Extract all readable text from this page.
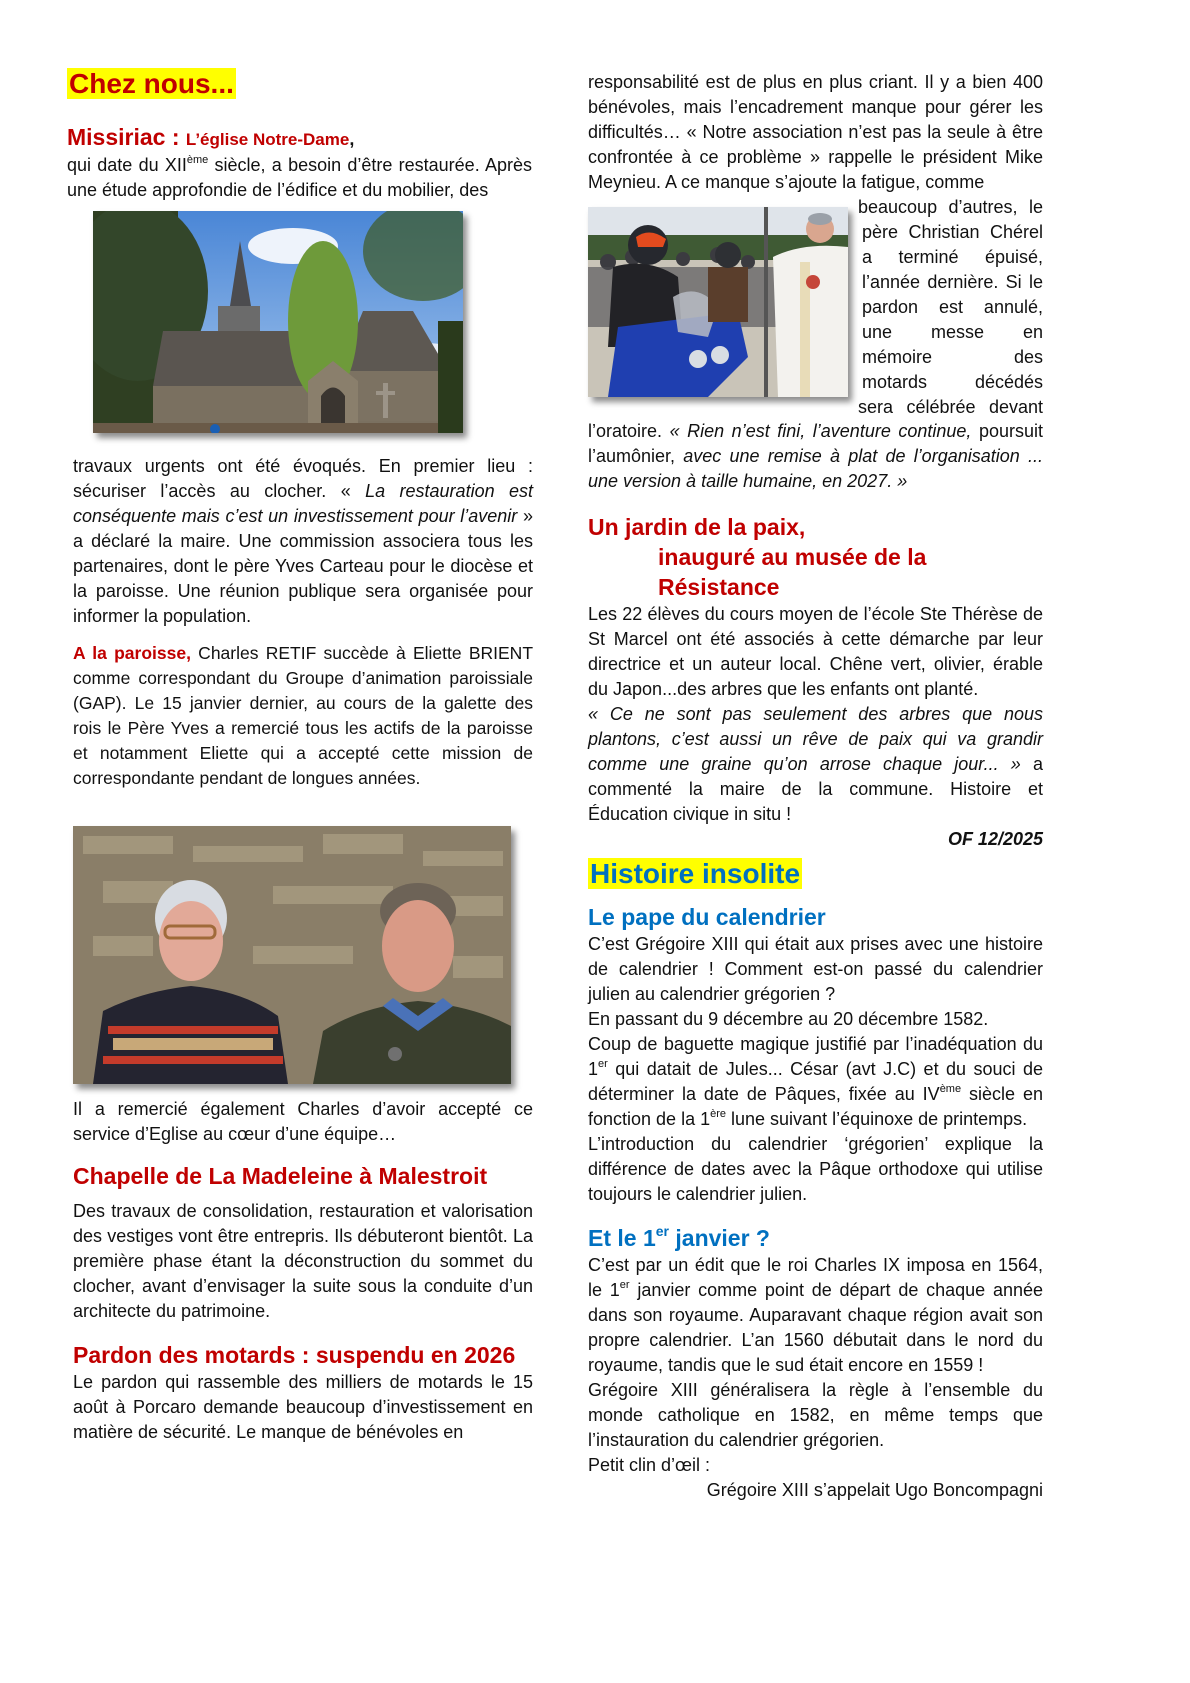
Chez nous...

Missiriac : L’église Notre-Dame,

qui date du XIIème siècle, a besoin d’être restaurée. Après une étude approfondie de l’édifice et du mobilier, des

travaux urgents ont été évoqués. En premier lieu : sécuriser l’accès au clocher. « La restauration est conséquente mais c’est un investissement pour l’avenir » a déclaré la maire. Une commission associera tous les partenaires, dont le père Yves Carteau pour le diocèse et la paroisse. Une réunion publique sera organisée pour informer la population.

A la paroisse, Charles RETIF succède à Eliette BRIENT comme correspondant du Groupe d’animation paroissiale (GAP). Le 15 janvier dernier, au cours de la galette des rois le Père Yves a remercié tous les actifs de la paroisse et notamment Eliette qui a accepté cette mission de correspondante pendant de longues années.

Il a remercié également Charles d’avoir accepté ce service d’Eglise au cœur d’une équipe…

Chapelle de La Madeleine à Malestroit

Des travaux de consolidation, restauration et valorisation des vestiges vont être entrepris. Ils débuteront bientôt. La première phase étant la déconstruction du sommet du clocher, avant d’envisager la suite sous la conduite d’un architecte du patrimoine.

Pardon des motards : suspendu en 2026

Le pardon qui rassemble des milliers de motards le 15 août à Porcaro demande beaucoup d’investissement en matière de sécurité. Le manque de bénévoles en

responsabilité est de plus en plus criant. Il y a bien 400 bénévoles, mais l’encadrement manque pour gérer les difficultés… « Notre association n’est pas la seule à être confrontée à ce problème » rappelle le président Mike Meynieu. A ce manque s’ajoute la fatigue, comme

beaucoup d’autres, le

père Christian Chérel

a terminé épuisé,

l’année dernière. Si le

pardon est annulé,

une messe en

mémoire des

motards décédés

sera célébrée devant

l’oratoire. « Rien n’est fini, l’aventure continue, poursuit l’aumônier, avec une remise à plat de l’organisation ... une version à taille humaine, en 2027. »

Un jardin de la paix,

inauguré au musée de la Résistance

Les 22 élèves du cours moyen de l’école Ste Thérèse de St Marcel ont été associés à cette démarche par leur directrice et un auteur local. Chêne vert, olivier, érable du Japon...des arbres que les enfants ont planté.

« Ce ne sont pas seulement des arbres que nous plantons, c’est aussi un rêve de paix qui va grandir comme une graine qu’on arrose chaque jour... » a commenté la maire de la commune. Histoire et Éducation civique in situ !

OF 12/2025

Histoire insolite

Le pape du calendrier

C’est Grégoire XIII qui était aux prises avec une histoire de calendrier ! Comment est-on passé du calendrier julien au calendrier grégorien ?

En passant du 9 décembre au 20 décembre 1582.

Coup de baguette magique justifié par l’inadéquation du 1er qui datait de Jules... César (avt J.C) et du souci de déterminer la date de Pâques, fixée au IVème siècle en fonction de la 1ère lune suivant l’équinoxe de printemps.

L’introduction du calendrier ‘grégorien’ explique la différence de dates avec la Pâque orthodoxe qui utilise toujours le calendrier julien.

Et le 1er janvier ?

C’est par un édit que le roi Charles IX imposa en 1564, le 1er janvier comme point de départ de chaque année dans son royaume. Auparavant chaque région avait son propre calendrier. L’an 1560 débutait dans le nord du royaume, tandis que le sud était encore en 1559 !

Grégoire XIII généralisera la règle à l’ensemble du monde catholique en 1582, en même temps que l’instauration du calendrier grégorien.

Petit clin d’œil :

Grégoire XIII s’appelait Ugo Boncompagni
